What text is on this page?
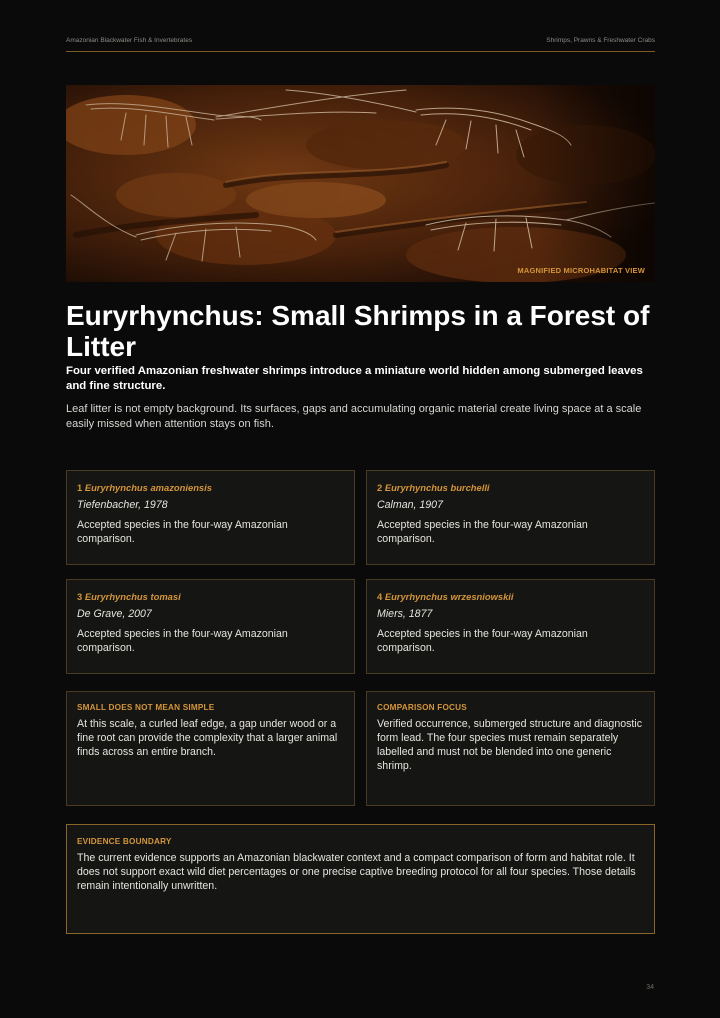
Amazonian Blackwater Fish & Invertebrates	Shrimps, Prawns & Freshwater Crabs
MAGNIFIED MICROHABITAT VIEW
Euryrhynchus: Small Shrimps in a Forest of Litter

Four verified Amazonian freshwater shrimps introduce a miniature world hidden among submerged leaves and fine structure.

Leaf litter is not empty background. Its surfaces, gaps and accumulating organic material create living space at a scale easily missed when attention stays on fish.

1 Euryrhynchus amazoniensis
Tiefenbacher, 1978
Accepted species in the four-way Amazonian comparison.
2 Euryrhynchus burchelli
Calman, 1907
Accepted species in the four-way Amazonian comparison.
3 Euryrhynchus tomasi
De Grave, 2007
Accepted species in the four-way Amazonian comparison.
4 Euryrhynchus wrzesniowskii
Miers, 1877
Accepted species in the four-way Amazonian comparison.
SMALL DOES NOT MEAN SIMPLE
At this scale, a curled leaf edge, a gap under wood or a fine root can provide the complexity that a larger animal finds across an entire branch.
COMPARISON FOCUS
Verified occurrence, submerged structure and diagnostic form lead. The four species must remain separately labelled and must not be blended into one generic shrimp.
EVIDENCE BOUNDARY
The current evidence supports an Amazonian blackwater context and a compact comparison of form and habitat role. It does not support exact wild diet percentages or one precise captive breeding protocol for all four species. Those details remain intentionally unwritten.
34
